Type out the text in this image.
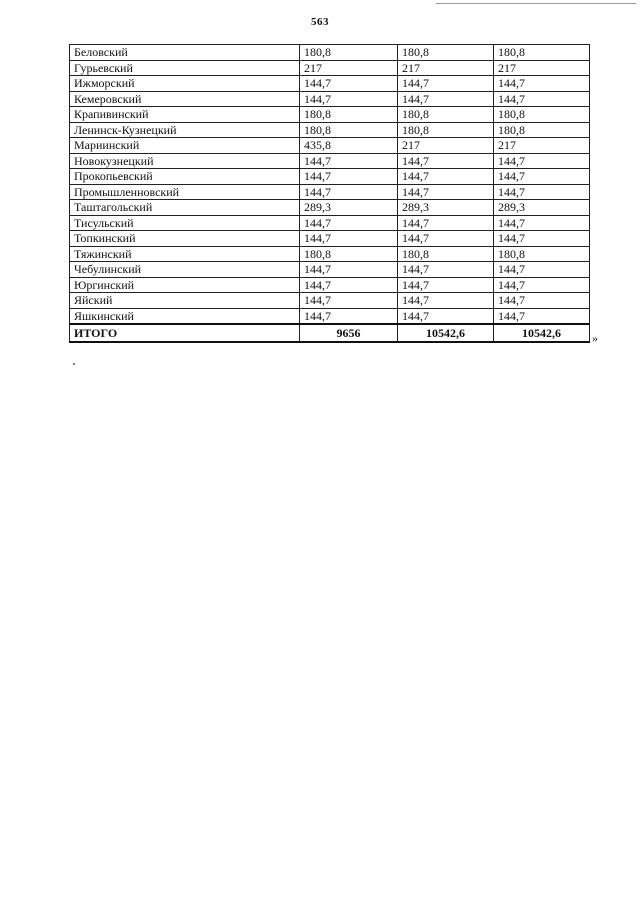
563
Беловский	180,8	180,8	180,8
Гурьевский	217	217	217
Ижморский	144,7	144,7	144,7
Кемеровский	144,7	144,7	144,7
Крапивинский	180,8	180,8	180,8
Ленинск-Кузнецкий	180,8	180,8	180,8
Мариинский	435,8	217	217
Новокузнецкий	144,7	144,7	144,7
Прокопьевский	144,7	144,7	144,7
Промышленновский	144,7	144,7	144,7
Таштагольский	289,3	289,3	289,3
Тисульский	144,7	144,7	144,7
Топкинский	144,7	144,7	144,7
Тяжинский	180,8	180,8	180,8
Чебулинский	144,7	144,7	144,7
Юргинский	144,7	144,7	144,7
Яйский	144,7	144,7	144,7
Яшкинский	144,7	144,7	144,7
ИТОГО	9656	10542,6	10542,6	»
